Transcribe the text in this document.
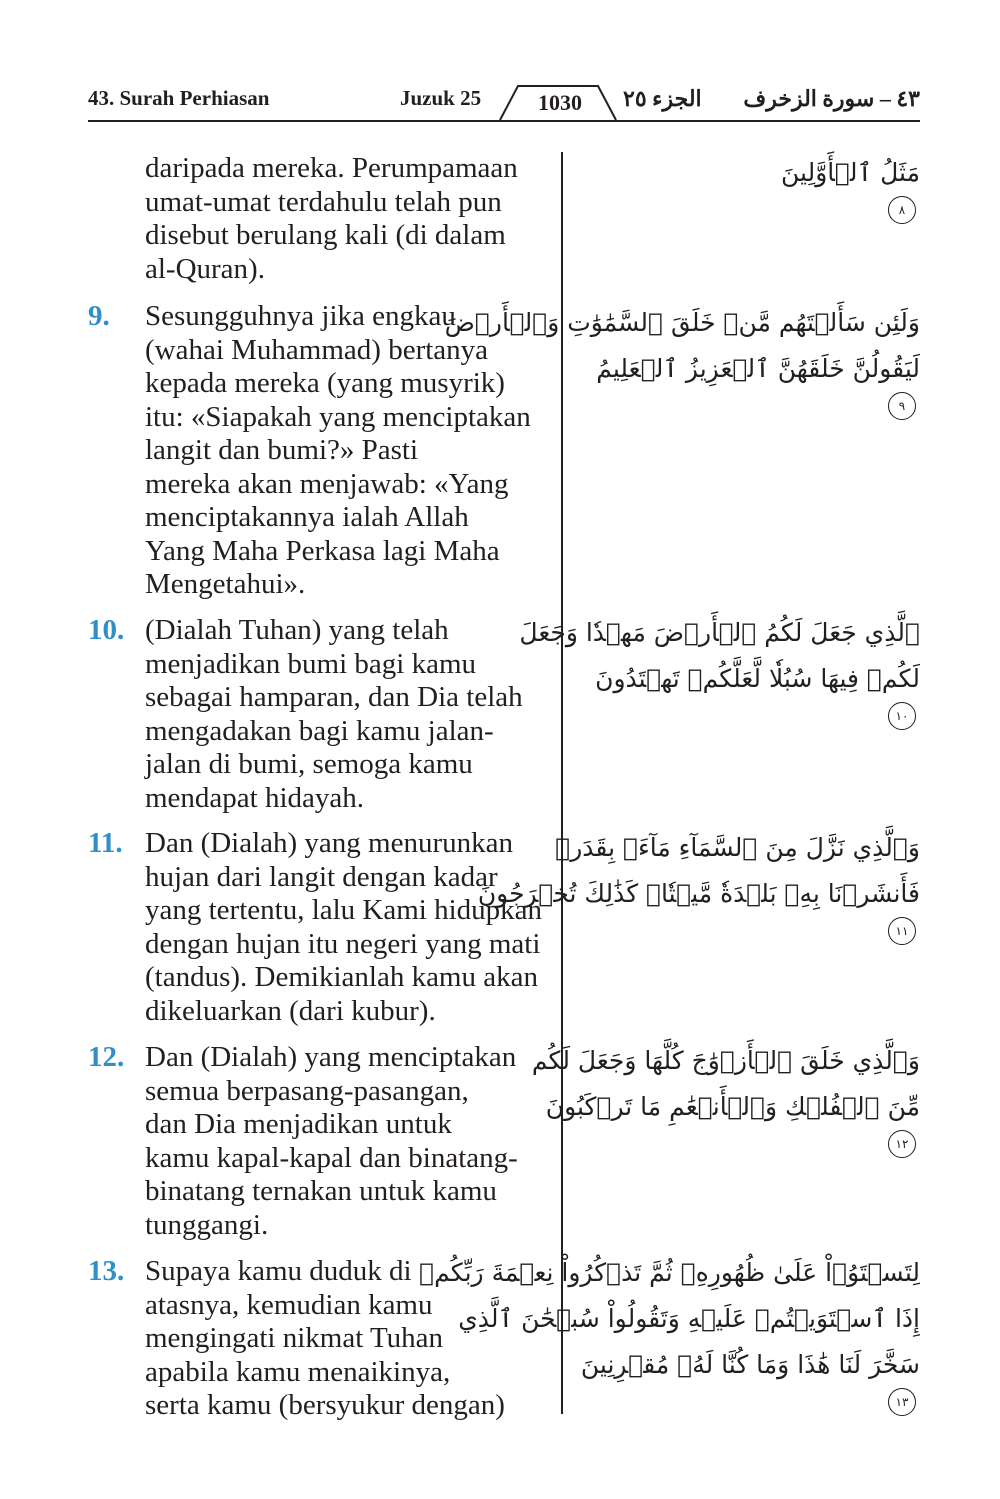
43. Surah Perhiasan	Juzuk 25	1030 الجزء ٢٥ ٤٣ – سورة الزخرف

daripada mereka. Perumpamaan
umat-umat terdahulu telah pun
disebut berulang kali (di dalam
al-Quran).

مَثَلُ ٱلۡأَوَّلِينَ
٨
9. Sesungguhnya jika engkau
(wahai Muhammad) bertanya
kepada mereka (yang musyrik)
itu: «Siapakah yang menciptakan
langit dan bumi?» Pasti
mereka akan menjawab: «Yang
menciptakannya ialah Allah
Yang Maha Perkasa lagi Maha
Mengetahui».

وَلَئِن سَأَلۡتَهُم مَّنۡ خَلَقَ ٱلسَّمَٰوَٰتِ وَٱلۡأَرۡضَ
لَيَقُولُنَّ خَلَقَهُنَّ ٱلۡعَزِيزُ ٱلۡعَلِيمُ
٩
10. (Dialah Tuhan) yang telah
menjadikan bumi bagi kamu
sebagai hamparan, dan Dia telah
mengadakan bagi kamu jalan-
jalan di bumi, semoga kamu
mendapat hidayah.

ٱلَّذِي جَعَلَ لَكُمُ ٱلۡأَرۡضَ مَهۡدٗا وَجَعَلَ
لَكُمۡ فِيهَا سُبُلٗا لَّعَلَّكُمۡ تَهۡتَدُونَ
١٠
11. Dan (Dialah) yang menurunkan
hujan dari langit dengan kadar
yang tertentu, lalu Kami hidupkan
dengan hujan itu negeri yang mati
(tandus). Demikianlah kamu akan
dikeluarkan (dari kubur).

وَٱلَّذِي نَزَّلَ مِنَ ٱلسَّمَآءِ مَآءَۢ بِقَدَرٖ
فَأَنشَرۡنَا بِهِۦ بَلۡدَةٗ مَّيۡتٗاۚ كَذَٰلِكَ تُخۡرَجُونَ
١١
12. Dan (Dialah) yang menciptakan
semua berpasang-pasangan,
dan Dia menjadikan untuk
kamu kapal-kapal dan binatang-
binatang ternakan untuk kamu
tunggangi.

وَٱلَّذِي خَلَقَ ٱلۡأَزۡوَٰجَ كُلَّهَا وَجَعَلَ لَكُم
مِّنَ ٱلۡفُلۡكِ وَٱلۡأَنۡعَٰمِ مَا تَرۡكَبُونَ
١٢
13. Supaya kamu duduk di
atasnya, kemudian kamu
mengingati nikmat Tuhan
apabila kamu menaikinya,
serta kamu (bersyukur dengan)

لِتَسۡتَوُۥاْ عَلَىٰ ظُهُورِهِۦ ثُمَّ تَذۡكُرُواْ نِعۡمَةَ رَبِّكُمۡ
إِذَا ٱسۡتَوَيۡتُمۡ عَلَيۡهِ وَتَقُولُواْ سُبۡحَٰنَ ٱلَّذِي
سَخَّرَ لَنَا هَٰذَا وَمَا كُنَّا لَهُۥ مُقۡرِنِينَ
١٣
